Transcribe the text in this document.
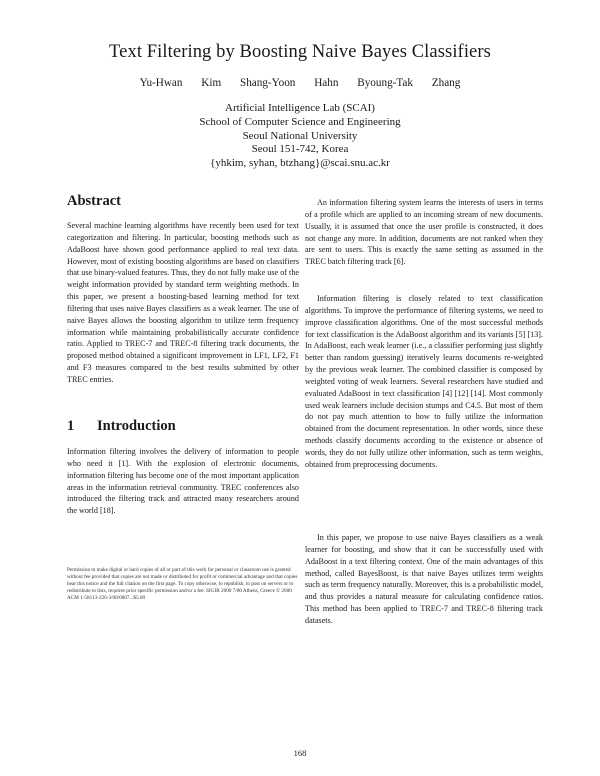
Text Filtering by Boosting Naive Bayes Classifiers
Yu-Hwan Kim Shang-Yoon Hahn Byoung-Tak Zhang
Artificial Intelligence Lab (SCAI)
School of Computer Science and Engineering
Seoul National University
Seoul 151-742, Korea
{yhkim, syhan, btzhang}@scai.snu.ac.kr
Abstract
Several machine learning algorithms have recently been used for text categorization and filtering. In particular, boosting methods such as AdaBoost have shown good performance applied to real text data. However, most of existing boosting algorithms are based on classifiers that use binary-valued features. Thus, they do not fully make use of the weight information provided by standard term weighting methods. In this paper, we present a boosting-based learning method for text filtering that uses naive Bayes classifiers as a weak learner. The use of naive Bayes allows the boosting algorithm to utilize term frequency information while maintaining probabilistically accurate confidence ratio. Applied to TREC-7 and TREC-8 filtering track documents, the proposed method obtained a significant improvement in LF1, LF2, F1 and F3 measures compared to the best results submitted by other TREC entries.
1 Introduction
Information filtering involves the delivery of information to people who need it [1]. With the explosion of electronic documents, information filtering has become one of the most important application areas in the information retrieval community. TREC conferences also introduced the filtering track and attracted many researchers around the world [18].
Permission to make digital or hard copies of all or part of this work for personal or classroom use is granted without fee provided that copies are not made or distributed for profit or commercial advantage and that copies bear this notice and the full citation on the first page. To copy otherwise, to republish, to post on servers or to redistribute to lists, requires prior specific permission and/or a fee. SIGIR 2000 7/00 Athens, Greece © 2000 ACM 1-58113-226-3/00/0007...$5.00
An information filtering system learns the interests of users in terms of a profile which are applied to an incoming stream of new documents. Usually, it is assumed that once the user profile is constructed, it does not change any more. In addition, documents are not ranked when they are sent to users. This is exactly the same setting as assumed in the TREC batch filtering track [6].
Information filtering is closely related to text classification algorithms. To improve the performance of filtering systems, we need to improve classification algorithms. One of the most successful methods for text classification is the AdaBoost algorithm and its variants [5] [13]. In AdaBoost, each weak learner (i.e., a classifier performing just slightly better than random guessing) iteratively learns documents re-weighted by the previous weak learner. The combined classifier is composed by weighted voting of weak learners. Several researchers have studied and evaluated AdaBoost in text classification [4] [12] [14]. Most commonly used weak learners include decision stumps and C4.5. But most of them do not pay much attention to how to fully utilize the information obtained from the document representation. In other words, since these methods classify documents according to the existence or absence of words, they do not fully utilize other information, such as term weights, obtained from preprocessing documents.
In this paper, we propose to use naive Bayes classifiers as a weak learner for boosting, and show that it can be successfully used with AdaBoost in a text filtering context. One of the main advantages of this method, called BayesBoost, is that naive Bayes utilizes term weights such as term frequency naturally. Moreover, this is a probabilistic model, and thus provides a natural measure for calculating confidence ratios. This method has been applied to TREC-7 and TREC-8 filtering track datasets.
168
